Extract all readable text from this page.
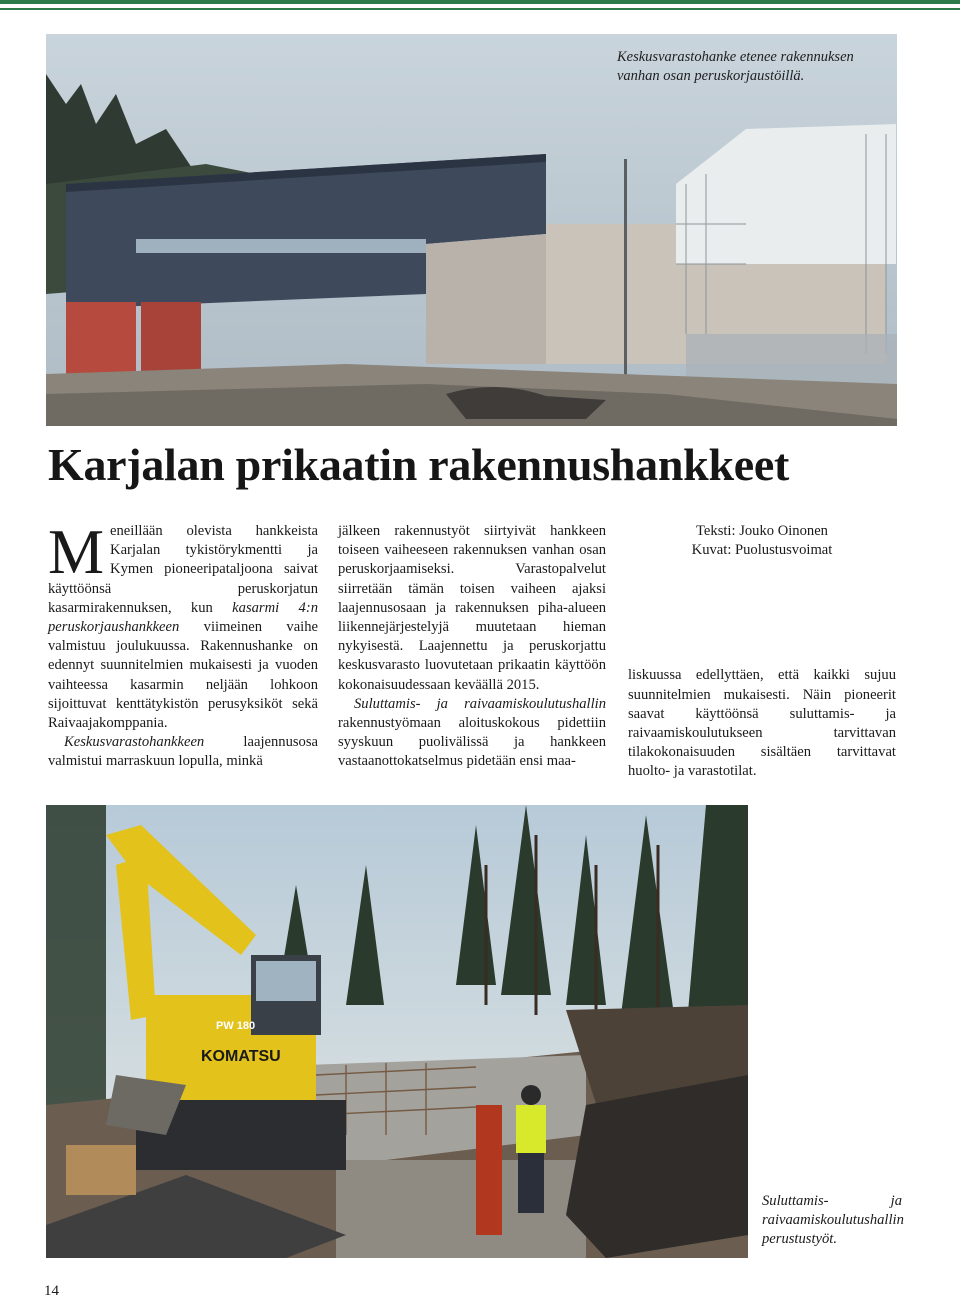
Keskusvarastohanke etenee rakennuksen vanhan osan peruskorjaustöillä.
Karjalan prikaatin rakennushankkeet

Meneillään olevista hankkeista Karjalan tykistörykmentti ja Kymen pioneeripataljoona saivat käyttöönsä peruskorjatun kasarmirakennuksen, kun kasarmi 4:n peruskorjaushankkeen viimeinen vaihe valmistuu joulukuussa. Rakennushanke on edennyt suunnitelmien mukaisesti ja vuoden vaihteessa kasarmin neljään lohkoon sijoittuvat kenttätykistön perusyksiköt sekä Raivaajakomppania.

Keskusvarastohankkeen laajennusosa valmistui marraskuun lopulla, minkä

jälkeen rakennustyöt siirtyivät hankkeen toiseen vaiheeseen rakennuksen vanhan osan peruskorjaamiseksi. Varastopalvelut siirretään tämän toisen vaiheen ajaksi laajennusosaan ja rakennuksen piha-alueen liikennejärjestelyjä muutetaan hieman nykyisestä. Laajennettu ja peruskorjattu keskusvarasto luovutetaan prikaatin käyttöön kokonaisuudessaan keväällä 2015.

Suluttamis- ja raivaamiskoulutushallin rakennustyömaan aloituskokous pidettiin syyskuun puolivälissä ja hankkeen vastaanottokatselmus pidetään ensi maa-

Teksti: Jouko Oinonen
Kuvat: Puolustusvoimat

liskuussa edellyttäen, että kaikki sujuu suunnitelmien mukaisesti. Näin pioneerit saavat käyttöönsä suluttamis- ja raivaamiskoulutukseen tarvittavan tilakokonaisuuden sisältäen tarvittavat huolto- ja varastotilat.

KOMATSU
PW 180
Suluttamis- ja raivaamiskoulutushallin perustustyöt.
14
